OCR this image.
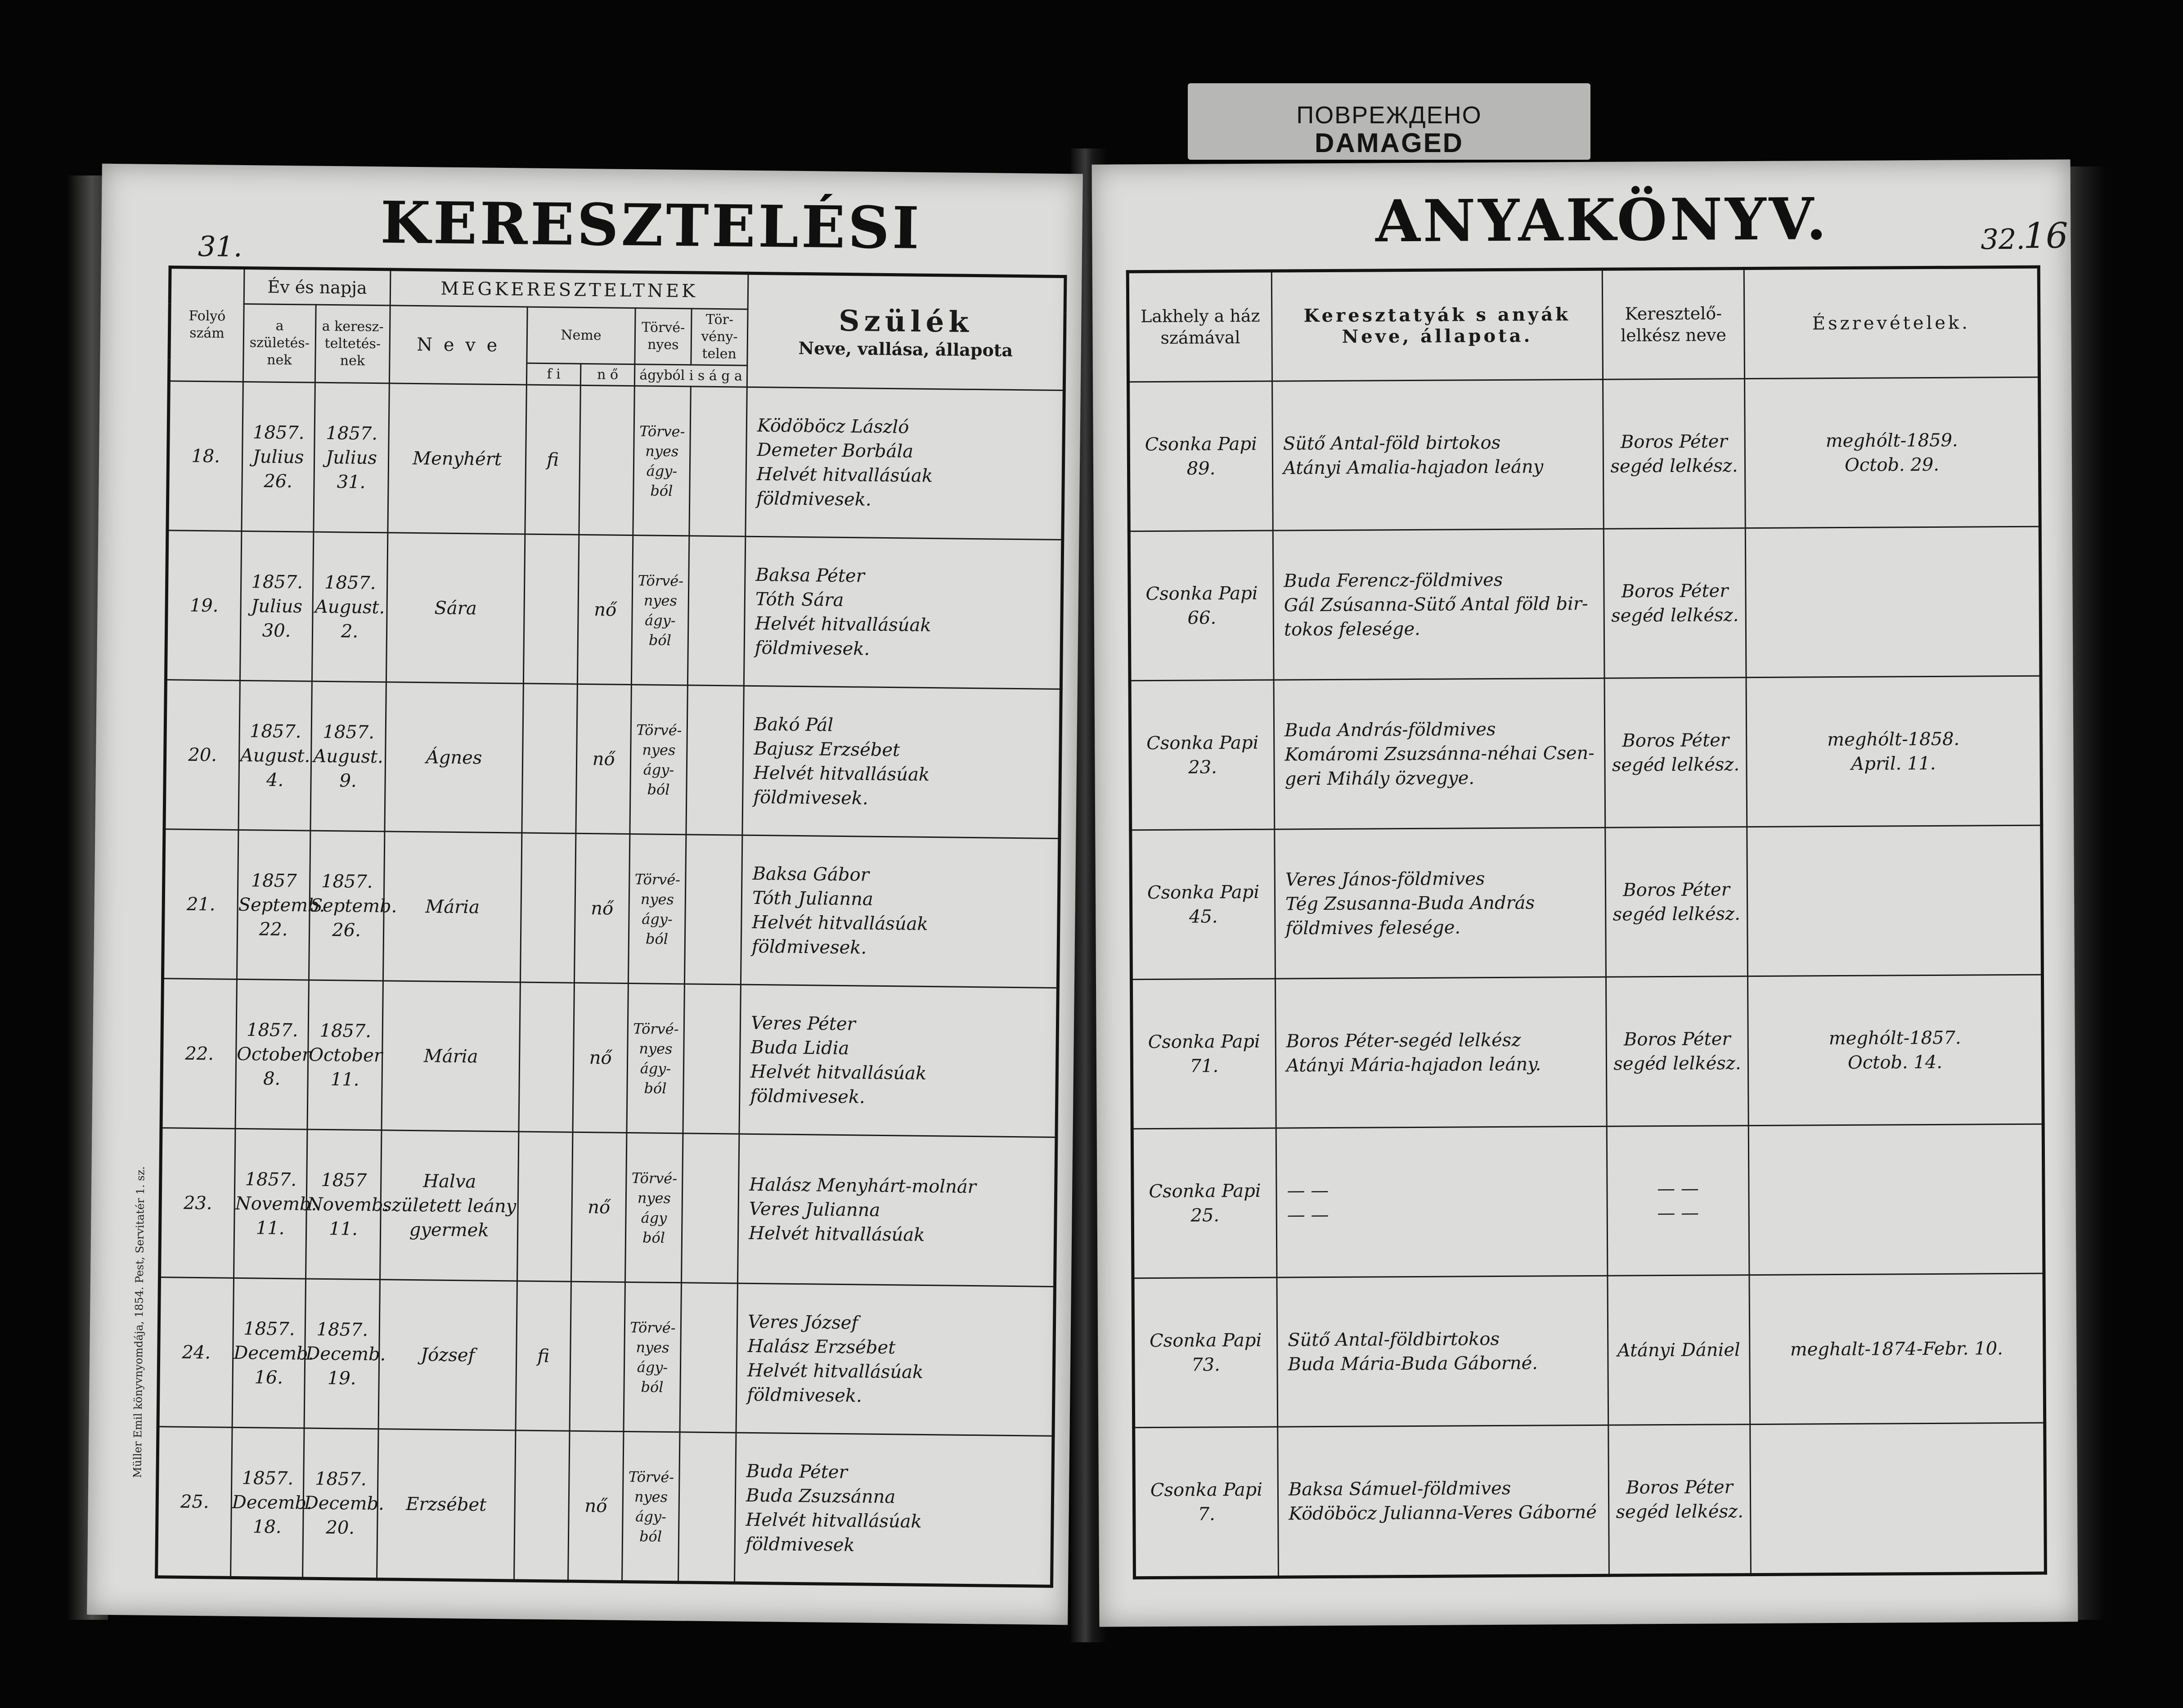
ПОВРЕЖДЕНО
DAMAGED
31. KERESZTELÉSI
Müller Emil könyvnyomdája, 1854. Pest, Servitatér 1. sz.
Folyó szám	Év és napja		MEGKERESZTELTNEK					Szülék
Neve, vallása, állapota

	a születés-nek	a keresz-teltetés-nek	N e v e	Neme		Törvé-nyes	Tör-vény-telen	
				f i	n ő	ágyból i s á g a		
18.	1857.
Julius
26.	1857.
Julius
31.	Menyhért	fi		Törve-
nyes
ágy-
ból		Ködöböcz László
Demeter Borbála
Helvét hitvallásúak
földmivesek.

19.	1857.
Julius
30.	1857.
August.
2.	Sára		nő	Törvé-
nyes
ágy-
ból		Baksa Péter
Tóth Sára
Helvét hitvallásúak
földmivesek.

20.	1857.
August.
4.	1857.
August.
9.	Ágnes		nő	Törvé-
nyes
ágy-
ból		Bakó Pál
Bajusz Erzsébet
Helvét hitvallásúak
földmivesek.

21.	1857
Septemb.
22.	1857.
Septemb.
26.	Mária		nő	Törvé-
nyes
ágy-
ból		Baksa Gábor
Tóth Julianna
Helvét hitvallásúak
földmivesek.

22.	1857.
October
8.	1857.
October
11.	Mária		nő	Törvé-
nyes
ágy-
ból		Veres Péter
Buda Lidia
Helvét hitvallásúak
földmivesek.

23.	1857.
Novemb.
11.	1857
Novemb.
11.	Halva született leány gyermek		nő	Törvé-
nyes
ágy
ból		Halász Menyhárt-molnár
Veres Julianna
Helvét hitvallásúak

24.	1857.
Decemb.
16.	1857.
Decemb.
19.	József	fi		Törvé-
nyes
ágy-
ból		Veres József
Halász Erzsébet
Helvét hitvallásúak
földmivesek.

25.	1857.
Decemb.
18.	1857.
Decemb.
20.	Erzsébet		nő	Törvé-
nyes
ágy-
ból		Buda Péter
Buda Zsuzsánna
Helvét hitvallásúak
földmivesek
ANYAKÖNYV.	32.
16
Lakhely a ház számával	Keresztatyák s anyák
Neve, állapota.	Keresztelő-lelkész neve	Észrevételek.

Csonka Papi
89.	Sütő Antal-föld birtokos
Atányi Amalia-hajadon leány	Boros Péter
segéd lelkész.	meghólt-1859.
Octob. 29.

Csonka Papi
66.	Buda Ferencz-földmives
Gál Zsúsanna-Sütő Antal föld bir-
tokos felesége.	Boros Péter
segéd lelkész.	

Csonka Papi
23.	Buda András-földmives
Komáromi Zsuzsánna-néhai Csen-
geri Mihály özvegye.	Boros Péter
segéd lelkész.	meghólt-1858.
April. 11.

Csonka Papi
45.	Veres János-földmives
Tég Zsusanna-Buda András
földmives felesége.	Boros Péter
segéd lelkész.	

Csonka Papi
71.	Boros Péter-segéd lelkész
Atányi Mária-hajadon leány.	Boros Péter
segéd lelkész.	meghólt-1857.
Octob. 14.

Csonka Papi
25.	— —
— —	— —
— —	

Csonka Papi
73.	Sütő Antal-földbirtokos
Buda Mária-Buda Gáborné.	Atányi Dániel	meghalt-1874-Febr. 10.

Csonka Papi
7.	Baksa Sámuel-földmives
Ködöböcz Julianna-Veres Gáborné	Boros Péter
segéd lelkész.	
